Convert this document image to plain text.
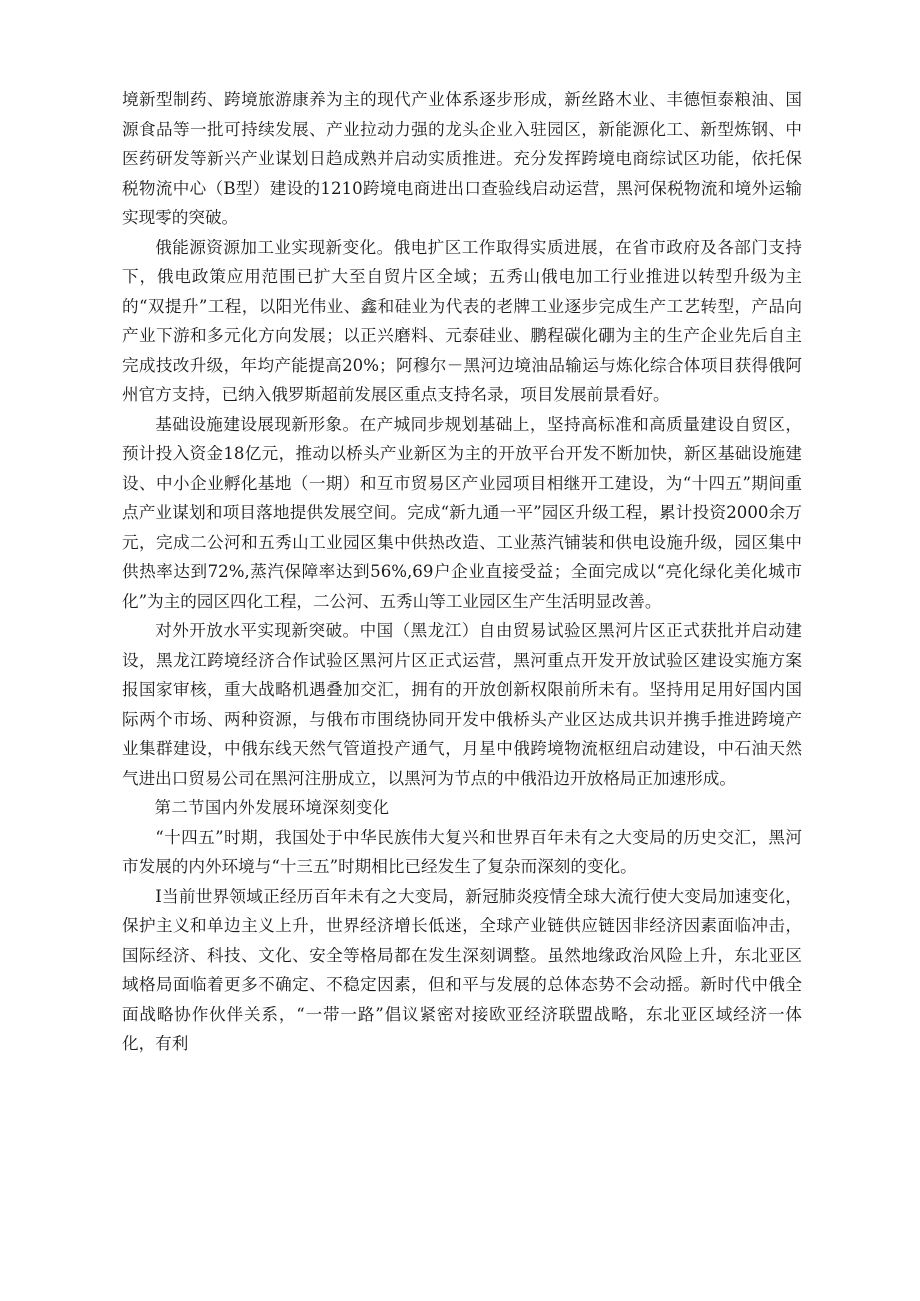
境新型制药、跨境旅游康养为主的现代产业体系逐步形成，新丝路木业、丰德恒泰粮油、国源食品等一批可持续发展、产业拉动力强的龙头企业入驻园区，新能源化工、新型炼钢、中医药研发等新兴产业谋划日趋成熟并启动实质推进。充分发挥跨境电商综试区功能，依托保税物流中心（B型）建设的1210跨境电商进出口查验线启动运营，黑河保税物流和境外运输实现零的突破。

俄能源资源加工业实现新变化。俄电扩区工作取得实质进展，在省市政府及各部门支持下，俄电政策应用范围已扩大至自贸片区全域；五秀山俄电加工行业推进以转型升级为主的“双提升”工程，以阳光伟业、鑫和硅业为代表的老牌工业逐步完成生产工艺转型，产品向产业下游和多元化方向发展；以正兴磨料、元泰硅业、鹏程碳化硼为主的生产企业先后自主完成技改升级，年均产能提高20%；阿穆尔－黑河边境油品输运与炼化综合体项目获得俄阿州官方支持，已纳入俄罗斯超前发展区重点支持名录，项目发展前景看好。

基础设施建设展现新形象。在产城同步规划基础上，坚持高标准和高质量建设自贸区，预计投入资金18亿元，推动以桥头产业新区为主的开放平台开发不断加快，新区基础设施建设、中小企业孵化基地（一期）和互市贸易区产业园项目相继开工建设，为“十四五”期间重点产业谋划和项目落地提供发展空间。完成“新九通一平”园区升级工程，累计投资2000余万元，完成二公河和五秀山工业园区集中供热改造、工业蒸汽铺装和供电设施升级，园区集中供热率达到72%,蒸汽保障率达到56%,69户企业直接受益；全面完成以“亮化绿化美化城市化”为主的园区四化工程，二公河、五秀山等工业园区生产生活明显改善。

对外开放水平实现新突破。中国（黑龙江）自由贸易试验区黑河片区正式获批并启动建设，黑龙江跨境经济合作试验区黑河片区正式运营，黑河重点开发开放试验区建设实施方案报国家审核，重大战略机遇叠加交汇，拥有的开放创新权限前所未有。坚持用足用好国内国际两个市场、两种资源，与俄布市围绕协同开发中俄桥头产业区达成共识并携手推进跨境产业集群建设，中俄东线天然气管道投产通气，月星中俄跨境物流枢纽启动建设，中石油天然气进出口贸易公司在黑河注册成立，以黑河为节点的中俄沿边开放格局正加速形成。

第二节国内外发展环境深刻变化

“十四五”时期，我国处于中华民族伟大复兴和世界百年未有之大变局的历史交汇，黑河市发展的内外环境与“十三五”时期相比已经发生了复杂而深刻的变化。

I当前世界领域正经历百年未有之大变局，新冠肺炎疫情全球大流行使大变局加速变化，保护主义和单边主义上升，世界经济增长低迷，全球产业链供应链因非经济因素面临冲击，国际经济、科技、文化、安全等格局都在发生深刻调整。虽然地缘政治风险上升，东北亚区域格局面临着更多不确定、不稳定因素，但和平与发展的总体态势不会动摇。新时代中俄全面战略协作伙伴关系，“一带一路”倡议紧密对接欧亚经济联盟战略，东北亚区域经济一体化，有利
